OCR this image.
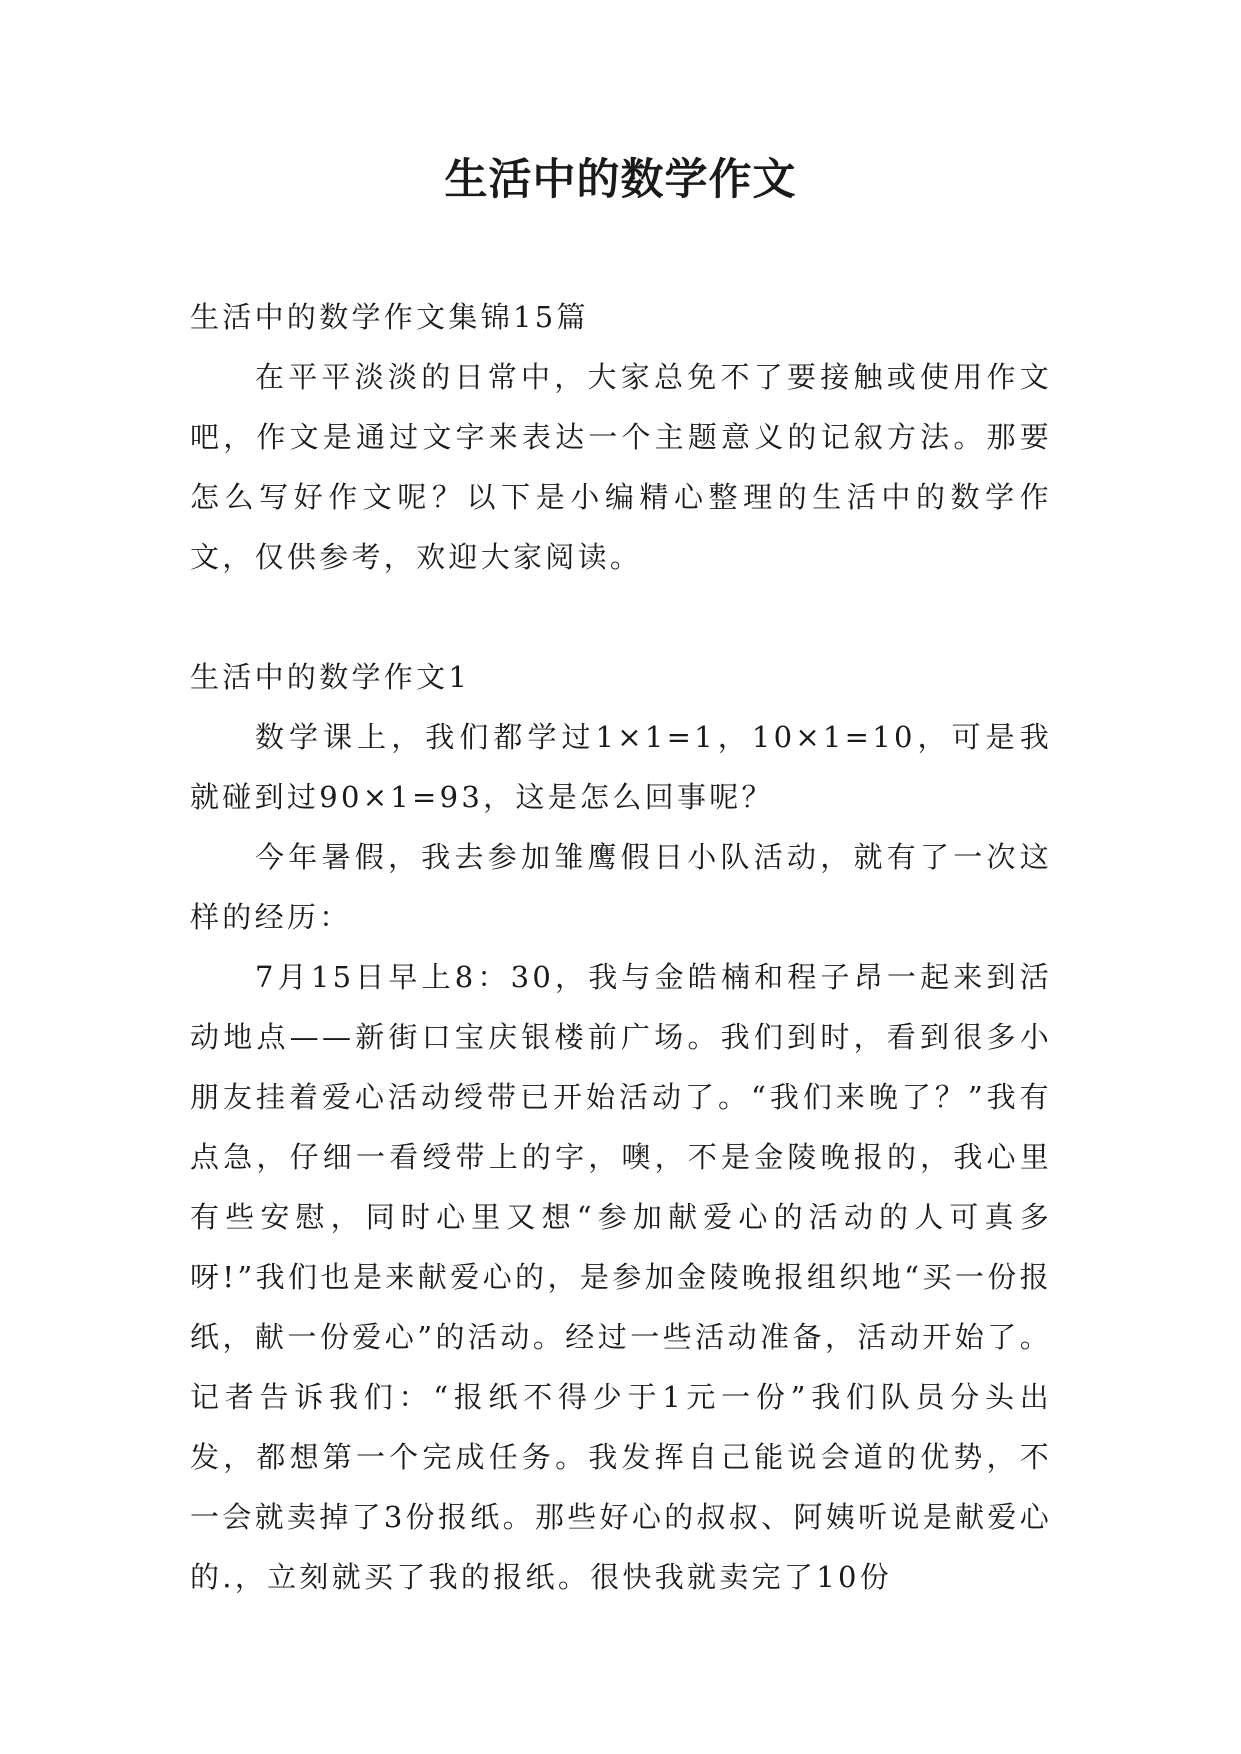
生活中的数学作文

生活中的数学作文集锦15篇

在平平淡淡的日常中，大家总免不了要接触或使用作文吧，作文是通过文字来表达一个主题意义的记叙方法。那要怎么写好作文呢？以下是小编精心整理的生活中的数学作文，仅供参考，欢迎大家阅读。

生活中的数学作文1

数学课上，我们都学过1×1=1，10×1=10，可是我就碰到过90×1=93，这是怎么回事呢？

今年暑假，我去参加雏鹰假日小队活动，就有了一次这样的经历：

7月15日早上8：30，我与金皓楠和程子昂一起来到活动地点——新街口宝庆银楼前广场。我们到时，看到很多小朋友挂着爱心活动绶带已开始活动了。“我们来晚了？”我有点急，仔细一看绶带上的字，噢，不是金陵晚报的，我心里有些安慰，同时心里又想“参加献爱心的活动的人可真多呀!”我们也是来献爱心的，是参加金陵晚报组织地“买一份报纸，献一份爱心”的活动。经过一些活动准备，活动开始了。记者告诉我们：“报纸不得少于1元一份”我们队员分头出发，都想第一个完成任务。我发挥自己能说会道的优势，不一会就卖掉了3份报纸。那些好心的叔叔、阿姨听说是献爱心的.，立刻就买了我的报纸。很快我就卖完了10份
